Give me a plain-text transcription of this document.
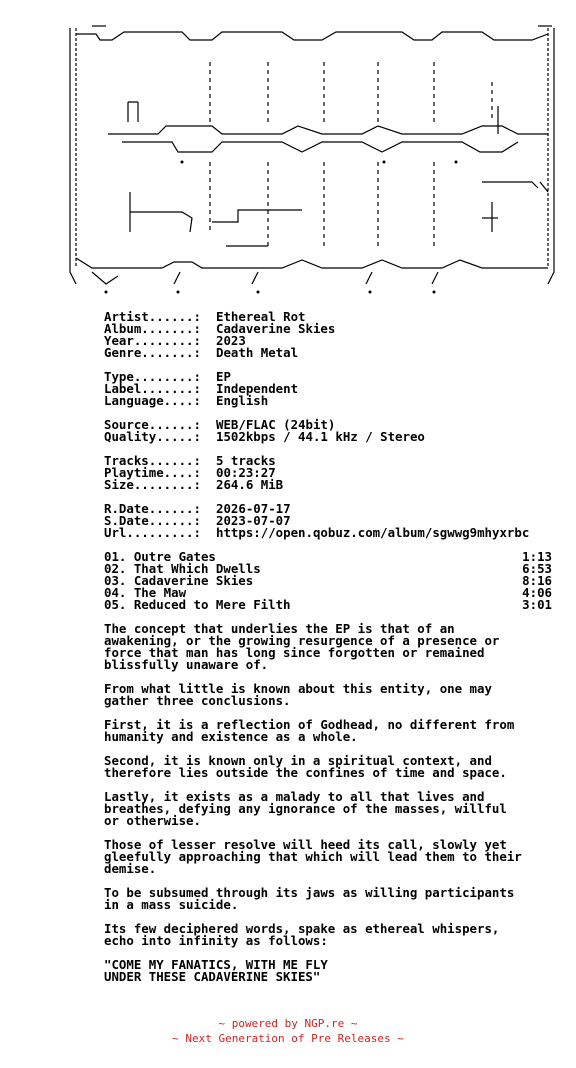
Artist......: Ethereal Rot
Album.......: Cadaverine Skies
Year........: 2023
Genre.......: Death Metal
Type........: EP
Label.......: Independent
Language....: English
Source......: WEB/FLAC (24bit)
Quality.....: 1502kbps / 44.1 kHz / Stereo
Tracks......: 5 tracks
Playtime....: 00:23:27
Size........: 264.6 MiB
R.Date......: 2026-07-17
S.Date......: 2023-07-07
Url.........: https://open.qobuz.com/album/sgwwg9mhyxrbc
01. Outre Gates	1:13
02. That Which Dwells	6:53
03. Cadaverine Skies	8:16
04. The Maw	4:06
05. Reduced to Mere Filth	3:01

The concept that underlies the EP is that of an
awakening, or the growing resurgence of a presence or
force that man has long since forgotten or remained
blissfully unaware of.

From what little is known about this entity, one may
gather three conclusions.

First, it is a reflection of Godhead, no different from
humanity and existence as a whole.

Second, it is known only in a spiritual context, and
therefore lies outside the confines of time and space.

Lastly, it exists as a malady to all that lives and
breathes, defying any ignorance of the masses, willful
or otherwise.

Those of lesser resolve will heed its call, slowly yet
gleefully approaching that which will lead them to their
demise.

To be subsumed through its jaws as willing participants
in a mass suicide.

Its few deciphered words, spake as ethereal whispers,
echo into infinity as follows:

"COME MY FANATICS, WITH ME FLY
UNDER THESE CADAVERINE SKIES"

~ powered by NGP.re ~
~ Next Generation of Pre Releases ~
